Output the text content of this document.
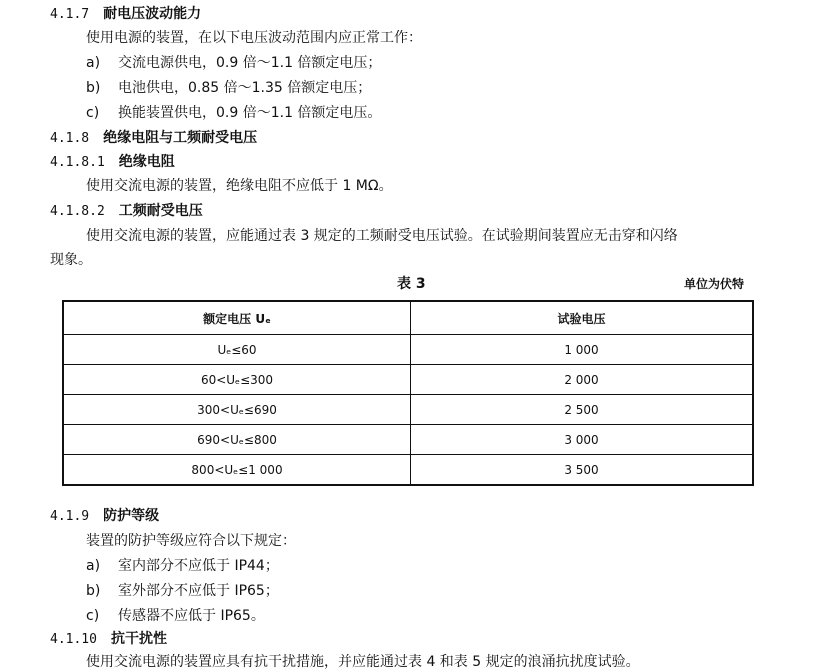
4.1.7 耐电压波动能力
使用电源的装置，在以下电压波动范围内应正常工作：
a) 交流电源供电，0.9 倍～1.1 倍额定电压；
b) 电池供电，0.85 倍～1.35 倍额定电压；
c) 换能装置供电，0.9 倍～1.1 倍额定电压。
4.1.8 绝缘电阻与工频耐受电压
4.1.8.1 绝缘电阻
使用交流电源的装置，绝缘电阻不应低于 1 MΩ。
4.1.8.2 工频耐受电压
使用交流电源的装置，应能通过表 3 规定的工频耐受电压试验。在试验期间装置应无击穿和闪络
现象。
表 3	单位为伏特
额定电压 Uₑ	试验电压
Uₑ≤60	1 000
60<Uₑ≤300	2 000
300<Uₑ≤690	2 500
690<Uₑ≤800	3 000
800<Uₑ≤1 000	3 500
4.1.9 防护等级
装置的防护等级应符合以下规定：
a) 室内部分不应低于 IP44；
b) 室外部分不应低于 IP65；
c) 传感器不应低于 IP65。
4.1.10 抗干扰性
使用交流电源的装置应具有抗干扰措施，并应能通过表 4 和表 5 规定的浪涌抗扰度试验。
